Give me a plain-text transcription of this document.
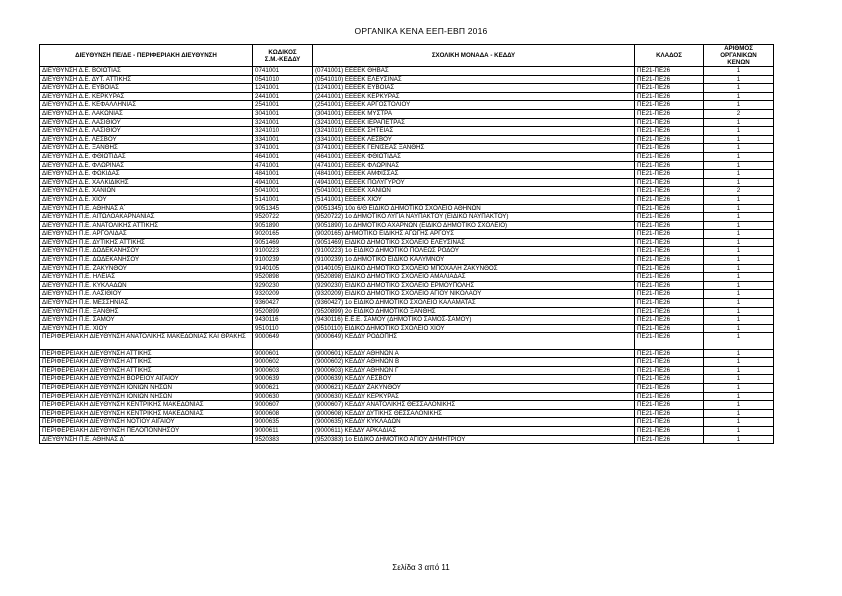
ΟΡΓΑΝΙΚΑ ΚΕΝΑ ΕΕΠ-ΕΒΠ 2016
ΔΙΕΥΘΥΝΣΗ ΠΕ/ΔΕ - ΠΕΡΙΦΕΡΙΑΚΗ ΔΙΕΥΘΥΝΣΗ	ΚΩΔΙΚΟΣ
Σ.Μ.-ΚΕΔΔΥ	ΣΧΟΛΙΚΗ ΜΟΝΑΔΑ - ΚΕΔΔΥ	ΚΛΑΔΟΣ	ΑΡΙΘΜΟΣ ΟΡΓΑΝΙΚΩΝ
ΚΕΝΩΝ
ΔΙΕΥΘΥΝΣΗ Δ.Ε. ΒΟΙΩΤΙΑΣ	0741001	(0741001) ΕΕΕΕΚ ΘΗΒΑΣ	ΠΕ21-ΠΕ26	1
ΔΙΕΥΘΥΝΣΗ Δ.Ε. ΔΥΤ. ΑΤΤΙΚΗΣ	0541010	(0541010) ΕΕΕΕΚ ΕΛΕΥΣΙΝΑΣ	ΠΕ21-ΠΕ26	1
ΔΙΕΥΘΥΝΣΗ Δ.Ε. ΕΥΒΟΙΑΣ	1241001	(1241001) ΕΕΕΕΚ ΕΥΒΟΙΑΣ	ΠΕ21-ΠΕ26	1
ΔΙΕΥΘΥΝΣΗ Δ.Ε. ΚΕΡΚΥΡΑΣ	2441001	(2441001) ΕΕΕΕΚ ΚΕΡΚΥΡΑΣ	ΠΕ21-ΠΕ26	1
ΔΙΕΥΘΥΝΣΗ Δ.Ε. ΚΕΦΑΛΛΗΝΙΑΣ	2541001	(2541001) ΕΕΕΕΚ ΑΡΓΟΣΤΟΛΙΟΥ	ΠΕ21-ΠΕ26	1
ΔΙΕΥΘΥΝΣΗ Δ.Ε. ΛΑΚΩΝΙΑΣ	3041001	(3041001) ΕΕΕΕΚ ΜΥΣΤΡΑ	ΠΕ21-ΠΕ26	2
ΔΙΕΥΘΥΝΣΗ Δ.Ε. ΛΑΣΙΘΙΟΥ	3241001	(3241001) ΕΕΕΕΚ ΙΕΡΑΠΕΤΡΑΣ	ΠΕ21-ΠΕ26	1
ΔΙΕΥΘΥΝΣΗ Δ.Ε. ΛΑΣΙΘΙΟΥ	3241010	(3241010) ΕΕΕΕΚ ΣΗΤΕΙΑΣ	ΠΕ21-ΠΕ26	1
ΔΙΕΥΘΥΝΣΗ Δ.Ε. ΛΕΣΒΟΥ	3341001	(3341001) ΕΕΕΕΚ ΛΕΣΒΟΥ	ΠΕ21-ΠΕ26	1
ΔΙΕΥΘΥΝΣΗ Δ.Ε. ΞΑΝΘΗΣ	3741001	(3741001) ΕΕΕΕΚ ΓΕΝΙΣΕΑΣ ΞΑΝΘΗΣ	ΠΕ21-ΠΕ26	1
ΔΙΕΥΘΥΝΣΗ Δ.Ε. ΦΘΙΩΤΙΔΑΣ	4641001	(4641001) ΕΕΕΕΚ ΦΘΙΩΤΙΔΑΣ	ΠΕ21-ΠΕ26	1
ΔΙΕΥΘΥΝΣΗ Δ.Ε. ΦΛΩΡΙΝΑΣ	4741001	(4741001) ΕΕΕΕΚ ΦΛΩΡΙΝΑΣ	ΠΕ21-ΠΕ26	1
ΔΙΕΥΘΥΝΣΗ Δ.Ε. ΦΩΚΙΔΑΣ	4841001	(4841001) ΕΕΕΕΚ ΑΜΦΙΣΣΑΣ	ΠΕ21-ΠΕ26	1
ΔΙΕΥΘΥΝΣΗ Δ.Ε. ΧΑΛΚΙΔΙΚΗΣ	4941001	(4941001) ΕΕΕΕΚ ΠΟΛΥΓΥΡΟΥ	ΠΕ21-ΠΕ26	1
ΔΙΕΥΘΥΝΣΗ Δ.Ε. ΧΑΝΙΩΝ	5041001	(5041001) ΕΕΕΕΚ ΧΑΝΙΩΝ	ΠΕ21-ΠΕ26	2
ΔΙΕΥΘΥΝΣΗ Δ.Ε. ΧΙΟΥ	5141001	(5141001) ΕΕΕΕΚ ΧΙΟΥ	ΠΕ21-ΠΕ26	1
ΔΙΕΥΘΥΝΣΗ Π.Ε. ΑΘΗΝΑΣ Α΄	9051345	(9051345) 10ο 6/Θ ΕΙΔΙΚΟ ΔΗΜΟΤΙΚΟ ΣΧΟΛΕΙΟ ΑΘΗΝΩΝ	ΠΕ21-ΠΕ26	1
ΔΙΕΥΘΥΝΣΗ Π.Ε. ΑΙΤΩΛΟΑΚΑΡΝΑΝΙΑΣ	9520722	(9520722) 1ο ΔΗΜΟΤΙΚΟ ΛΥΓΙΑ ΝΑΥΠΑΚΤΟΥ (ΕΙΔΙΚΟ ΝΑΥΠΑΚΤΟΥ)	ΠΕ21-ΠΕ26	1
ΔΙΕΥΘΥΝΣΗ Π.Ε. ΑΝΑΤΟΛΙΚΗΣ ΑΤΤΙΚΗΣ	9051890	(9051890) 1ο ΔΗΜΟΤΙΚΟ ΑΧΑΡΝΩΝ (ΕΙΔΙΚΟ ΔΗΜΟΤΙΚΟ ΣΧΟΛΕΙΟ)	ΠΕ21-ΠΕ26	1
ΔΙΕΥΘΥΝΣΗ Π.Ε. ΑΡΓΟΛΙΔΑΣ	9020165	(9020165) ΔΗΜΟΤΙΚΟ ΕΙΔΙΚΗΣ ΑΓΩΓΗΣ ΑΡΓΟΥΣ	ΠΕ21-ΠΕ26	1
ΔΙΕΥΘΥΝΣΗ Π.Ε. ΔΥΤΙΚΗΣ ΑΤΤΙΚΗΣ	9051469	(9051469) ΕΙΔΙΚΟ ΔΗΜΟΤΙΚΟ ΣΧΟΛΕΙΟ ΕΛΕΥΣΙΝΑΣ	ΠΕ21-ΠΕ26	1
ΔΙΕΥΘΥΝΣΗ Π.Ε. ΔΩΔΕΚΑΝΗΣΟΥ	9100223	(9100223) 1ο ΕΙΔΙΚΟ ΔΗΜΟΤΙΚΟ ΠΟΛΕΩΣ ΡΟΔΟΥ	ΠΕ21-ΠΕ26	1
ΔΙΕΥΘΥΝΣΗ Π.Ε. ΔΩΔΕΚΑΝΗΣΟΥ	9100239	(9100239) 1ο ΔΗΜΟΤΙΚΟ ΕΙΔΙΚΟ ΚΑΛΥΜΝΟΥ	ΠΕ21-ΠΕ26	1
ΔΙΕΥΘΥΝΣΗ Π.Ε. ΖΑΚΥΝΘΟΥ	9140105	(9140105) ΕΙΔΙΚΟ ΔΗΜΟΤΙΚΟ ΣΧΟΛΕΙΟ ΜΠΟΧΑΛΗ ΖΑΚΥΝΘΟΣ	ΠΕ21-ΠΕ26	1
ΔΙΕΥΘΥΝΣΗ Π.Ε. ΗΛΕΙΑΣ	9520898	(9520898) ΕΙΔΙΚΟ ΔΗΜΟΤΙΚΟ ΣΧΟΛΕΙΟ ΑΜΑΛΙΑΔΑΣ	ΠΕ21-ΠΕ26	1
ΔΙΕΥΘΥΝΣΗ Π.Ε. ΚΥΚΛΑΔΩΝ	9290230	(9290230) ΕΙΔΙΚΟ ΔΗΜΟΤΙΚΟ ΣΧΟΛΕΙΟ ΕΡΜΟΥΠΟΛΗΣ	ΠΕ21-ΠΕ26	1
ΔΙΕΥΘΥΝΣΗ Π.Ε. ΛΑΣΙΘΙΟΥ	9320209	(9320209) ΕΙΔΙΚΟ ΔΗΜΟΤΙΚΟ ΣΧΟΛΕΙΟ ΑΓΙΟΥ ΝΙΚΟΛΑΟΥ	ΠΕ21-ΠΕ26	1
ΔΙΕΥΘΥΝΣΗ Π.Ε. ΜΕΣΣΗΝΙΑΣ	9360427	(9360427) 1ο ΕΙΔΙΚΟ ΔΗΜΟΤΙΚΟ ΣΧΟΛΕΙΟ ΚΑΛΑΜΑΤΑΣ	ΠΕ21-ΠΕ26	1
ΔΙΕΥΘΥΝΣΗ Π.Ε. ΞΑΝΘΗΣ	9520899	(9520899) 2ο ΕΙΔΙΚΟ ΔΗΜΟΤΙΚΟ ΞΑΝΘΗΣ	ΠΕ21-ΠΕ26	1
ΔΙΕΥΘΥΝΣΗ Π.Ε. ΣΑΜΟΥ	9430116	(9430116) Ε.Ε.Ε. ΣΑΜΟΥ (ΔΗΜΟΤΙΚΟ ΣΑΜΟΣ-ΣΑΜΟΥ)	ΠΕ21-ΠΕ26	1
ΔΙΕΥΘΥΝΣΗ Π.Ε. ΧΙΟΥ	9510110	(9510110) ΕΙΔΙΚΟ ΔΗΜΟΤΙΚΟ ΣΧΟΛΕΙΟ ΧΙΟΥ	ΠΕ21-ΠΕ26	1
ΠΕΡΙΦΕΡΕΙΑΚΗ ΔΙΕΥΘΥΝΣΗ ΑΝΑΤΟΛΙΚΗΣ ΜΑΚΕΔΟΝΙΑΣ ΚΑΙ ΘΡΑΚΗΣ	9000649	(9000649) ΚΕΔΔΥ ΡΟΔΟΠΗΣ	ΠΕ21-ΠΕ26	1
ΠΕΡΙΦΕΡΕΙΑΚΗ ΔΙΕΥΘΥΝΣΗ ΑΤΤΙΚΗΣ	9000601	(9000601) ΚΕΔΔΥ ΑΘΗΝΩΝ Α	ΠΕ21-ΠΕ26	1
ΠΕΡΙΦΕΡΕΙΑΚΗ ΔΙΕΥΘΥΝΣΗ ΑΤΤΙΚΗΣ	9000602	(9000602) ΚΕΔΔΥ ΑΘΗΝΩΝ Β	ΠΕ21-ΠΕ26	1
ΠΕΡΙΦΕΡΕΙΑΚΗ ΔΙΕΥΘΥΝΣΗ ΑΤΤΙΚΗΣ	9000603	(9000603) ΚΕΔΔΥ ΑΘΗΝΩΝ Γ	ΠΕ21-ΠΕ26	1
ΠΕΡΙΦΕΡΕΙΑΚΗ ΔΙΕΥΘΥΝΣΗ ΒΟΡΕΙΟΥ ΑΙΓΑΙΟΥ	9000639	(9000639) ΚΕΔΔΥ ΛΕΣΒΟΥ	ΠΕ21-ΠΕ26	1
ΠΕΡΙΦΕΡΕΙΑΚΗ ΔΙΕΥΘΥΝΣΗ ΙΟΝΙΩΝ ΝΗΣΩΝ	9000621	(9000621) ΚΕΔΔΥ ΖΑΚΥΝΘΟΥ	ΠΕ21-ΠΕ26	1
ΠΕΡΙΦΕΡΕΙΑΚΗ ΔΙΕΥΘΥΝΣΗ ΙΟΝΙΩΝ ΝΗΣΩΝ	9000630	(9000630) ΚΕΔΔΥ ΚΕΡΚΥΡΑΣ	ΠΕ21-ΠΕ26	1
ΠΕΡΙΦΕΡΕΙΑΚΗ ΔΙΕΥΘΥΝΣΗ ΚΕΝΤΡΙΚΗΣ ΜΑΚΕΔΟΝΙΑΣ	9000607	(9000607) ΚΕΔΔΥ ΑΝΑΤΟΛΙΚΗΣ ΘΕΣΣΑΛΟΝΙΚΗΣ	ΠΕ21-ΠΕ26	1
ΠΕΡΙΦΕΡΕΙΑΚΗ ΔΙΕΥΘΥΝΣΗ ΚΕΝΤΡΙΚΗΣ ΜΑΚΕΔΟΝΙΑΣ	9000608	(9000608) ΚΕΔΔΥ ΔΥΤΙΚΗΣ ΘΕΣΣΑΛΟΝΙΚΗΣ	ΠΕ21-ΠΕ26	1
ΠΕΡΙΦΕΡΕΙΑΚΗ ΔΙΕΥΘΥΝΣΗ ΝΟΤΙΟΥ ΑΙΓΑΙΟΥ	9000635	(9000635) ΚΕΔΔΥ ΚΥΚΛΑΔΩΝ	ΠΕ21-ΠΕ26	1
ΠΕΡΙΦΕΡΕΙΑΚΗ ΔΙΕΥΘΥΝΣΗ ΠΕΛΟΠΟΝΝΗΣΟΥ	9000611	(9000611) ΚΕΔΔΥ ΑΡΚΑΔΙΑΣ	ΠΕ21-ΠΕ26	1
ΔΙΕΥΘΥΝΣΗ Π.Ε. ΑΘΗΝΑΣ Δ΄	9520383	(9520383) 1ο ΕΙΔΙΚΟ ΔΗΜΟΤΙΚΟ ΑΓΙΟΥ ΔΗΜΗΤΡΙΟΥ	ΠΕ21-ΠΕ26	1
Σελίδα 3 από 11
